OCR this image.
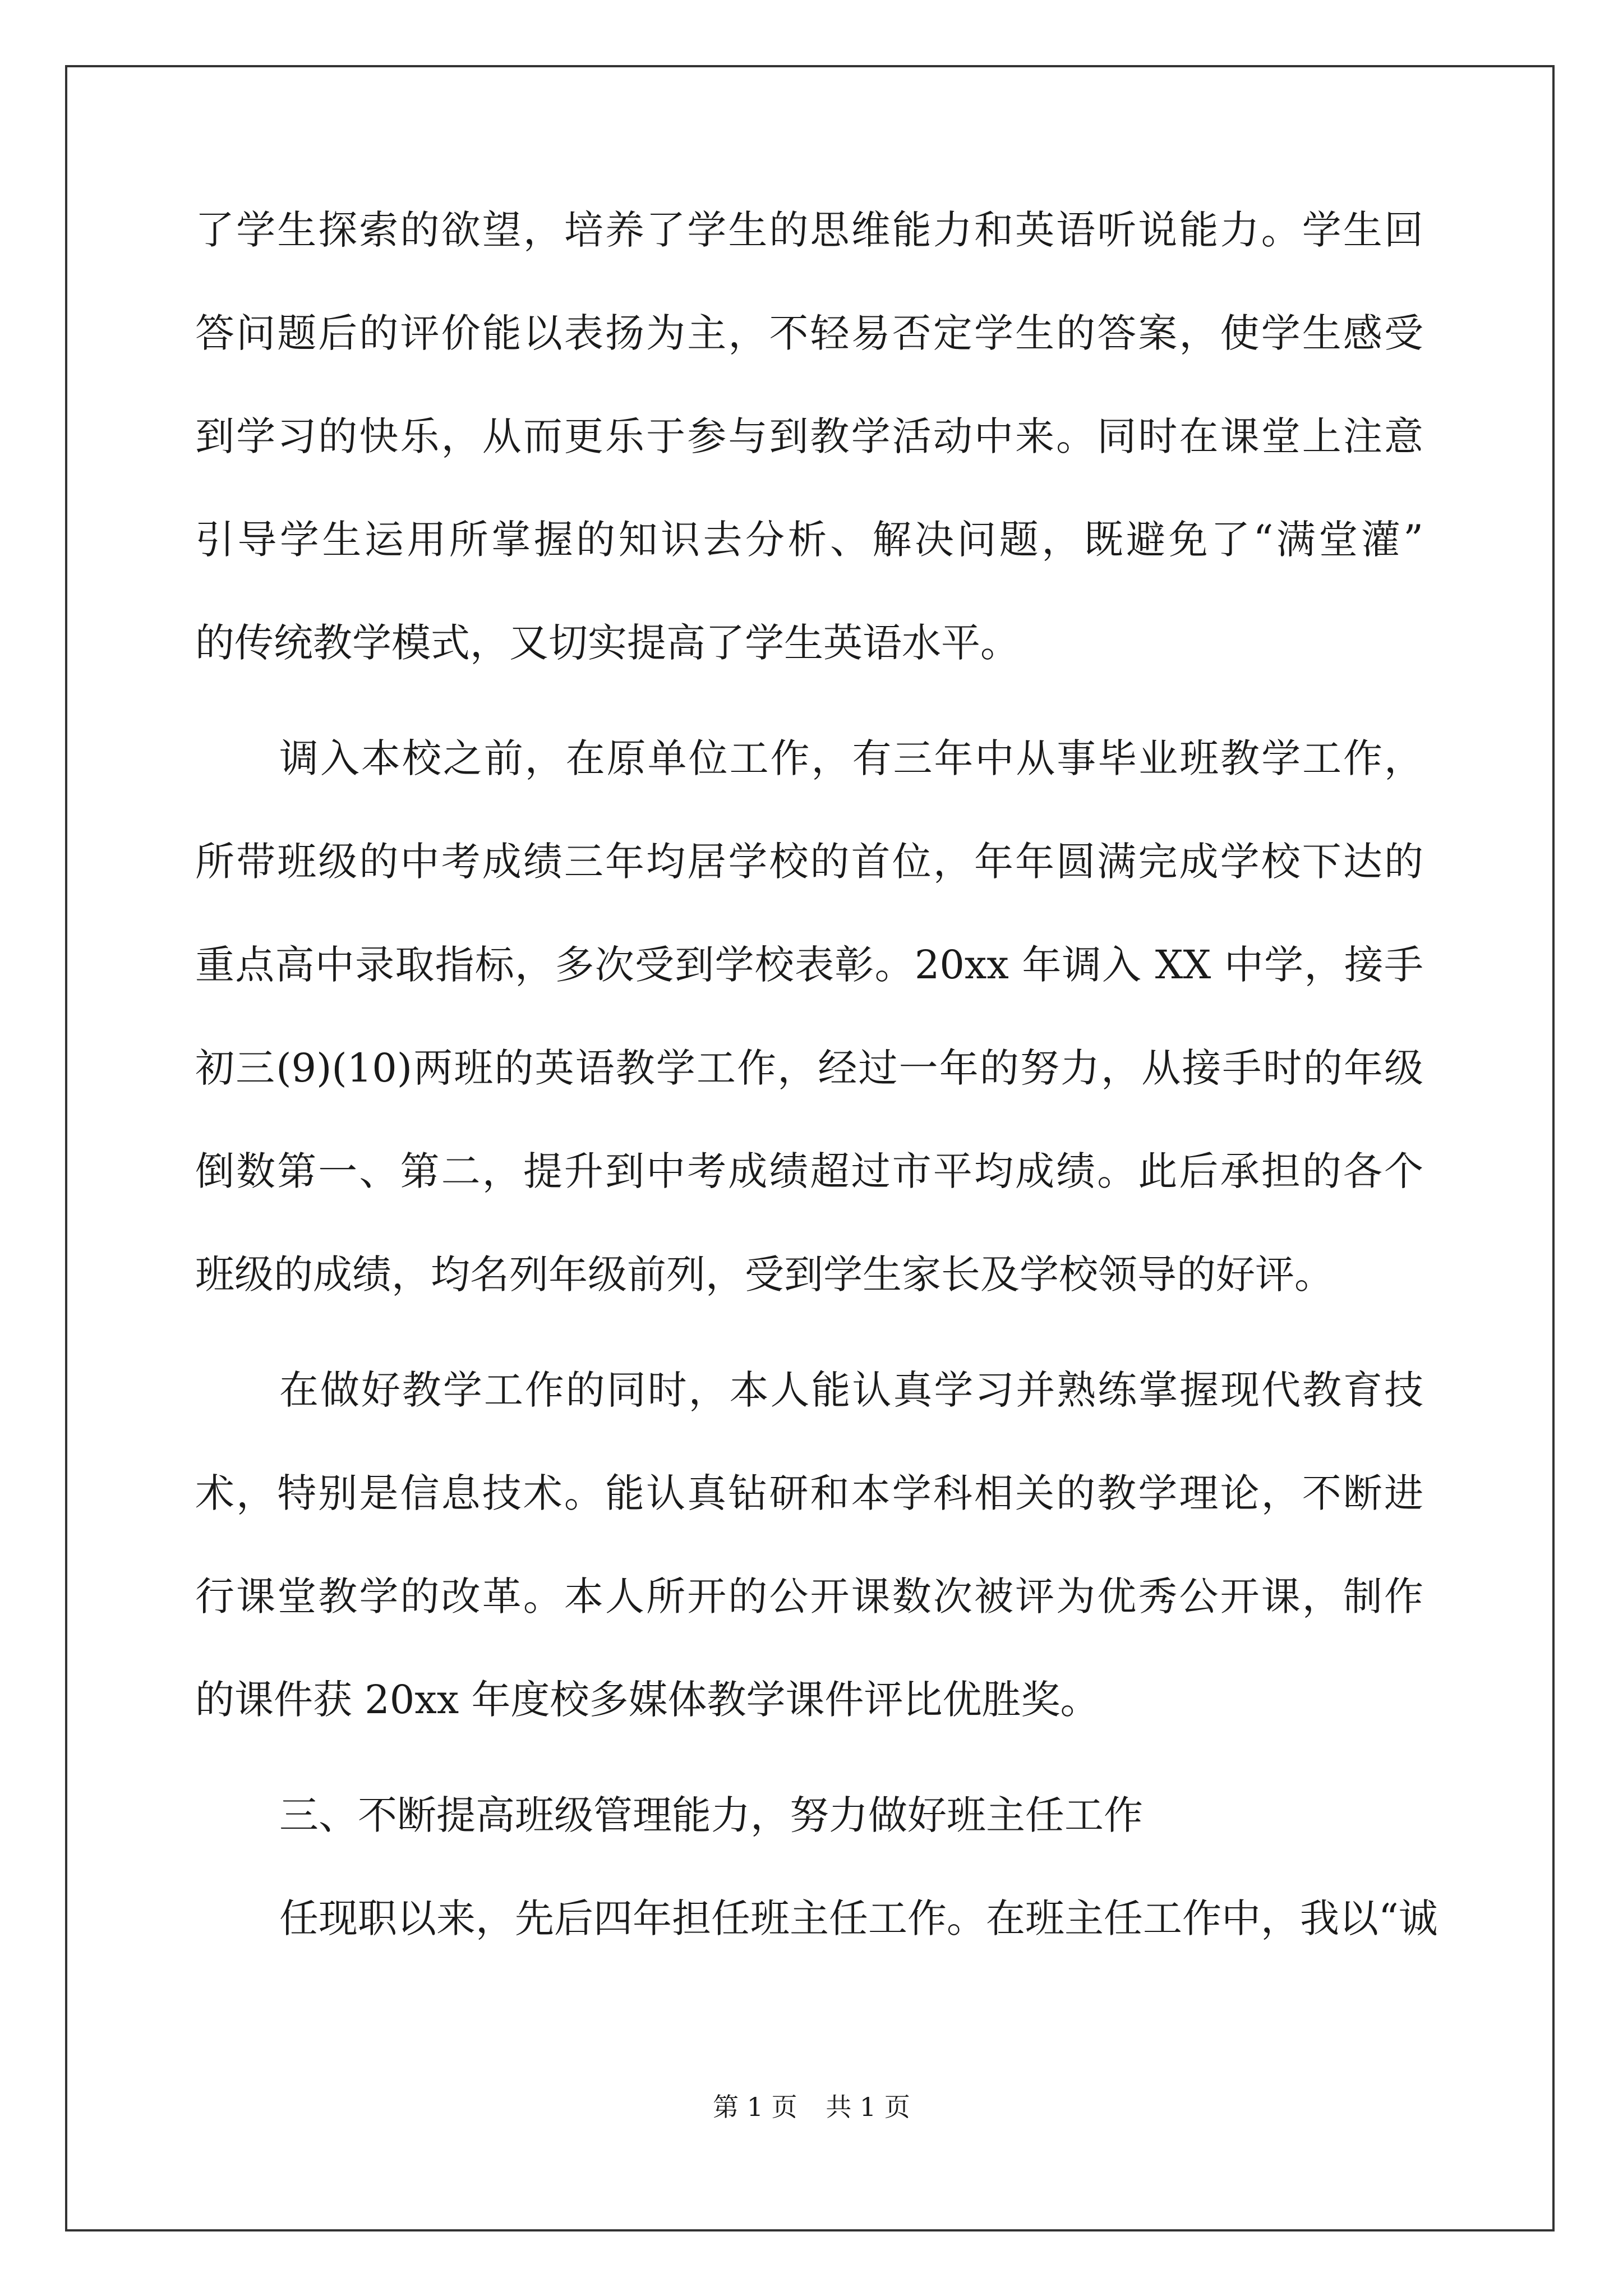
了学生探索的欲望，培养了学生的思维能力和英语听说能力。学生回
答问题后的评价能以表扬为主，不轻易否定学生的答案，使学生感受
到学习的快乐，从而更乐于参与到教学活动中来。同时在课堂上注意
引导学生运用所掌握的知识去分析、解决问题，既避免了“满堂灌”
的传统教学模式，又切实提高了学生英语水平。
调入本校之前，在原单位工作，有三年中从事毕业班教学工作，
所带班级的中考成绩三年均居学校的首位，年年圆满完成学校下达的
重点高中录取指标，多次受到学校表彰。20xx 年调入 XX 中学，接手
初三(9)(10)两班的英语教学工作，经过一年的努力，从接手时的年级
倒数第一、第二，提升到中考成绩超过市平均成绩。此后承担的各个
班级的成绩，均名列年级前列，受到学生家长及学校领导的好评。
在做好教学工作的同时，本人能认真学习并熟练掌握现代教育技
术，特别是信息技术。能认真钻研和本学科相关的教学理论，不断进
行课堂教学的改革。本人所开的公开课数次被评为优秀公开课，制作
的课件获 20xx 年度校多媒体教学课件评比优胜奖。
三、不断提高班级管理能力，努力做好班主任工作
任现职以来，先后四年担任班主任工作。在班主任工作中，我以“诚
第 1 页 共 1 页
